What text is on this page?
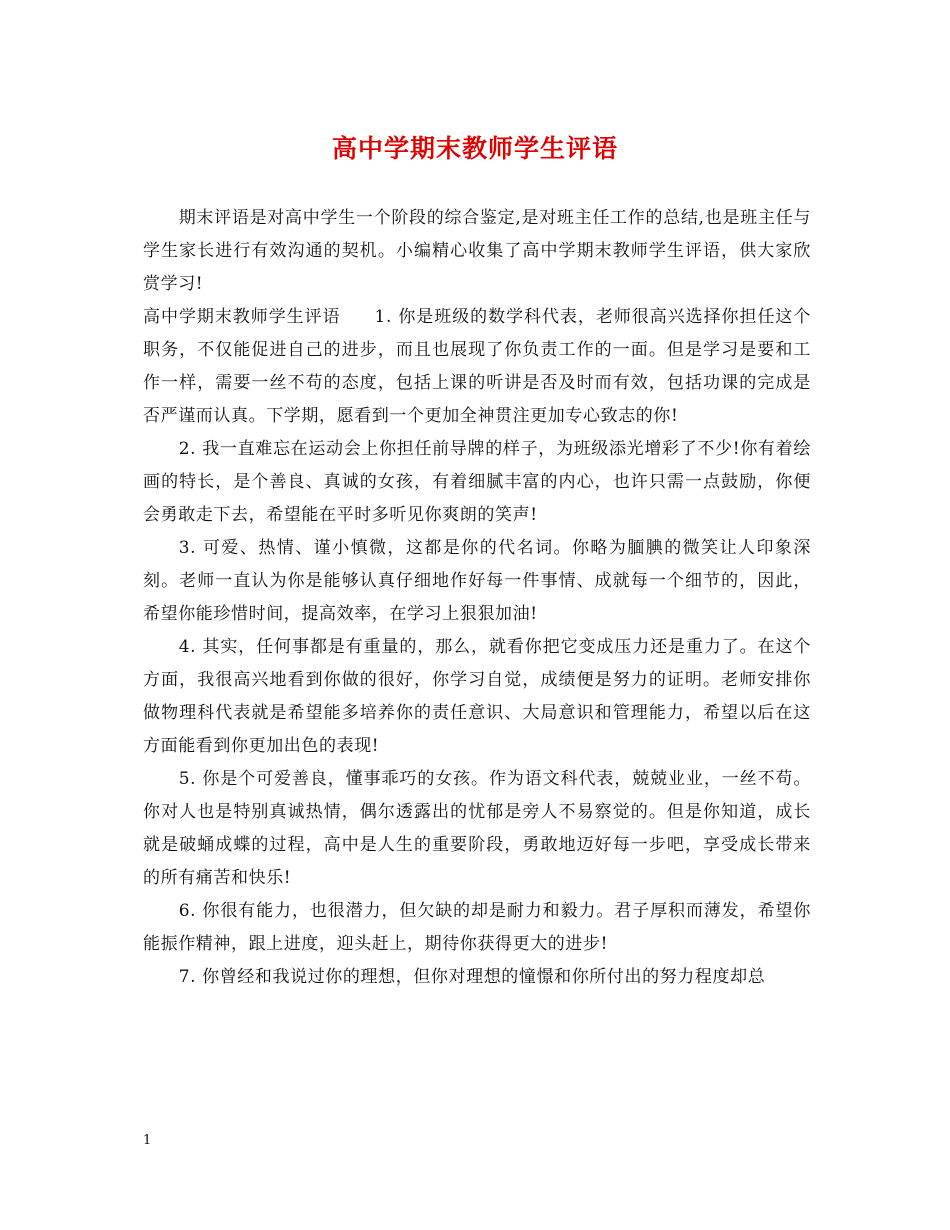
高中学期末教师学生评语

期末评语是对高中学生一个阶段的综合鉴定,是对班主任工作的总结,也是班主任与学生家长进行有效沟通的契机。小编精心收集了高中学期末教师学生评语，供大家欣赏学习!

高中学期末教师学生评语 1. 你是班级的数学科代表，老师很高兴选择你担任这个职务，不仅能促进自己的进步，而且也展现了你负责工作的一面。但是学习是要和工作一样，需要一丝不苟的态度，包括上课的听讲是否及时而有效，包括功课的完成是否严谨而认真。下学期，愿看到一个更加全神贯注更加专心致志的你!

2. 我一直难忘在运动会上你担任前导牌的样子，为班级添光增彩了不少!你有着绘画的特长，是个善良、真诚的女孩，有着细腻丰富的内心，也许只需一点鼓励，你便会勇敢走下去，希望能在平时多听见你爽朗的笑声!

3. 可爱、热情、谨小慎微，这都是你的代名词。你略为腼腆的微笑让人印象深刻。老师一直认为你是能够认真仔细地作好每一件事情、成就每一个细节的，因此，希望你能珍惜时间，提高效率，在学习上狠狠加油!

4. 其实，任何事都是有重量的，那么，就看你把它变成压力还是重力了。在这个方面，我很高兴地看到你做的很好，你学习自觉，成绩便是努力的证明。老师安排你做物理科代表就是希望能多培养你的责任意识、大局意识和管理能力，希望以后在这方面能看到你更加出色的表现!

5. 你是个可爱善良，懂事乖巧的女孩。作为语文科代表，兢兢业业，一丝不苟。你对人也是特别真诚热情，偶尔透露出的忧郁是旁人不易察觉的。但是你知道，成长就是破蛹成蝶的过程，高中是人生的重要阶段，勇敢地迈好每一步吧，享受成长带来的所有痛苦和快乐!

6. 你很有能力，也很潜力，但欠缺的却是耐力和毅力。君子厚积而薄发，希望你能振作精神，跟上进度，迎头赶上，期待你获得更大的进步!

7. 你曾经和我说过你的理想，但你对理想的憧憬和你所付出的努力程度却总

1
